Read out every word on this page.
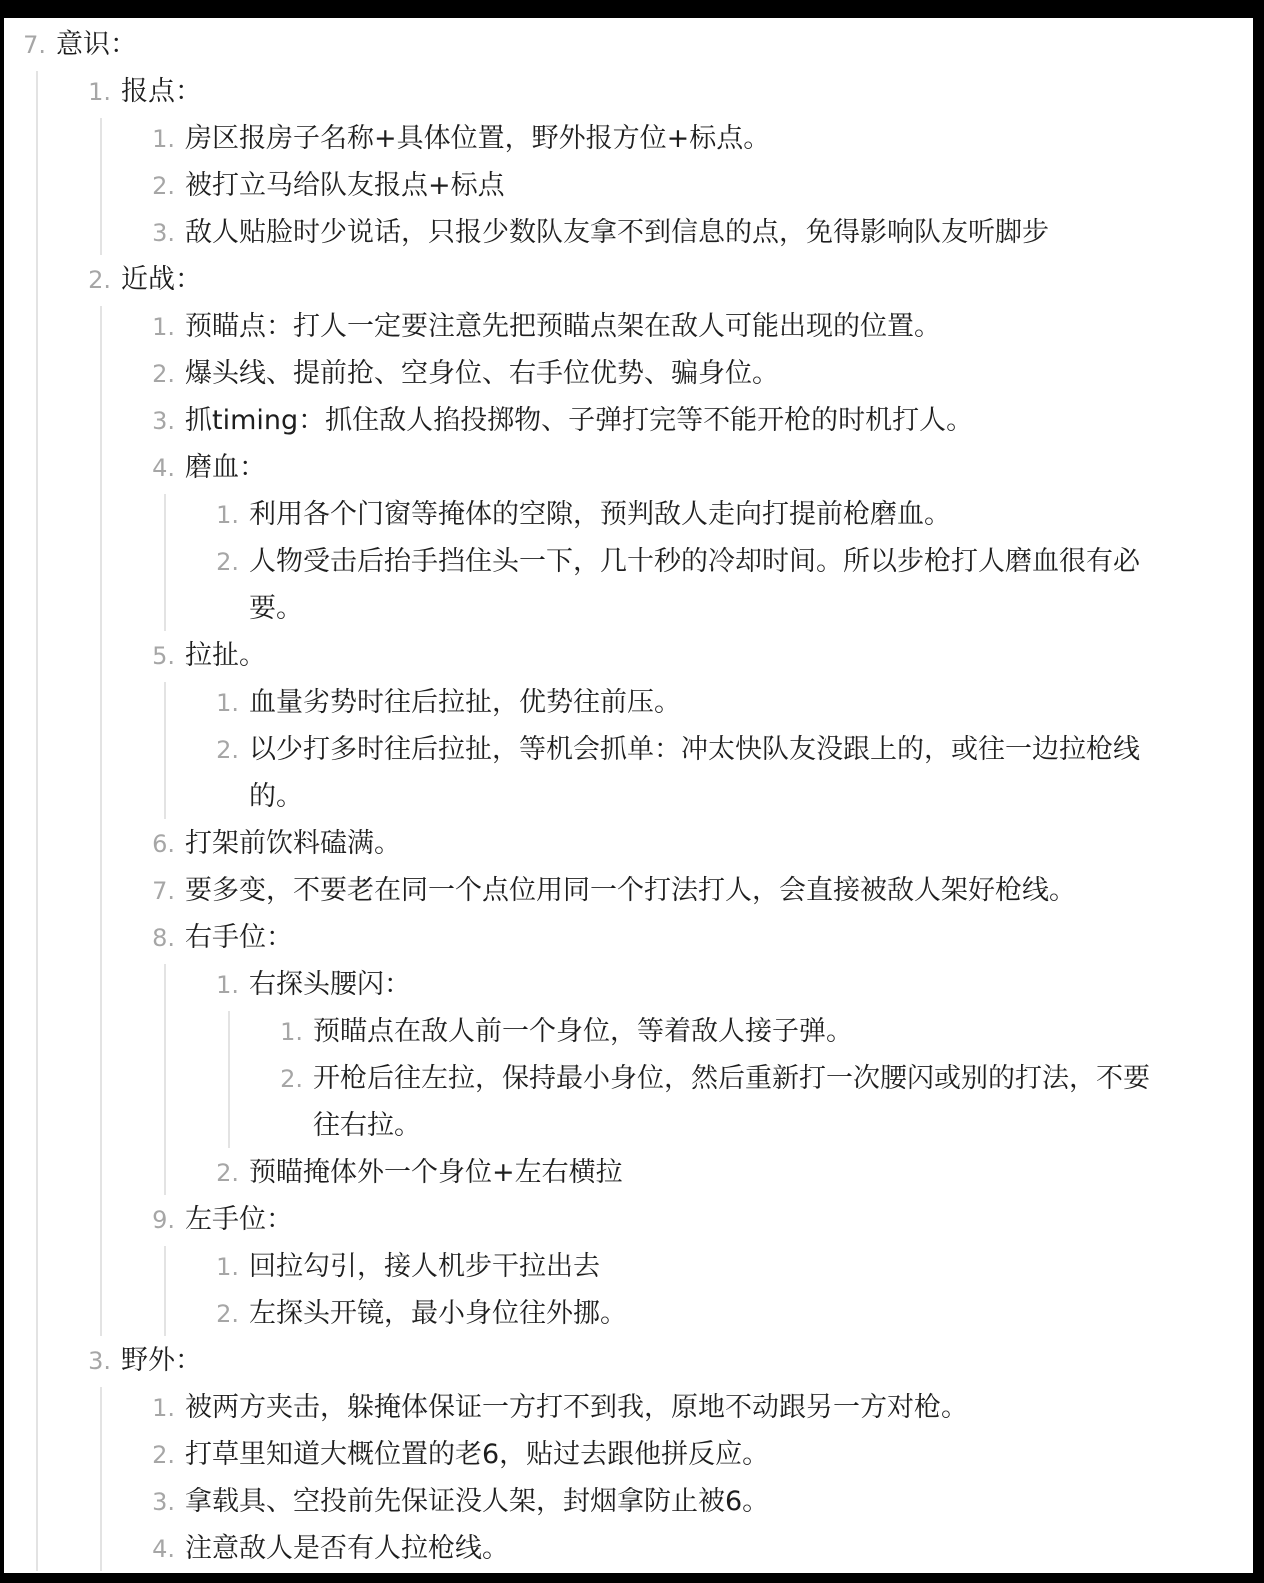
7. 意识：
1. 报点：
1. 房区报房子名称+具体位置，野外报方位+标点。
2. 被打立马给队友报点+标点
3. 敌人贴脸时少说话，只报少数队友拿不到信息的点，免得影响队友听脚步
2. 近战：
1. 预瞄点：打人一定要注意先把预瞄点架在敌人可能出现的位置。
2. 爆头线、提前抢、空身位、右手位优势、骗身位。
3. 抓timing：抓住敌人掐投掷物、子弹打完等不能开枪的时机打人。
4. 磨血：
1. 利用各个门窗等掩体的空隙，预判敌人走向打提前枪磨血。
2. 人物受击后抬手挡住头一下，几十秒的冷却时间。所以步枪打人磨血很有必
要。
5. 拉扯。
1. 血量劣势时往后拉扯，优势往前压。
2. 以少打多时往后拉扯，等机会抓单：冲太快队友没跟上的，或往一边拉枪线
的。
6. 打架前饮料磕满。
7. 要多变，不要老在同一个点位用同一个打法打人，会直接被敌人架好枪线。
8. 右手位：
1. 右探头腰闪：
1. 预瞄点在敌人前一个身位，等着敌人接子弹。
2. 开枪后往左拉，保持最小身位，然后重新打一次腰闪或别的打法，不要
往右拉。
2. 预瞄掩体外一个身位+左右横拉
9. 左手位：
1. 回拉勾引，接人机步干拉出去
2. 左探头开镜，最小身位往外挪。
3. 野外：
1. 被两方夹击，躲掩体保证一方打不到我，原地不动跟另一方对枪。
2. 打草里知道大概位置的老6，贴过去跟他拼反应。
3. 拿载具、空投前先保证没人架，封烟拿防止被6。
4. 注意敌人是否有人拉枪线。
